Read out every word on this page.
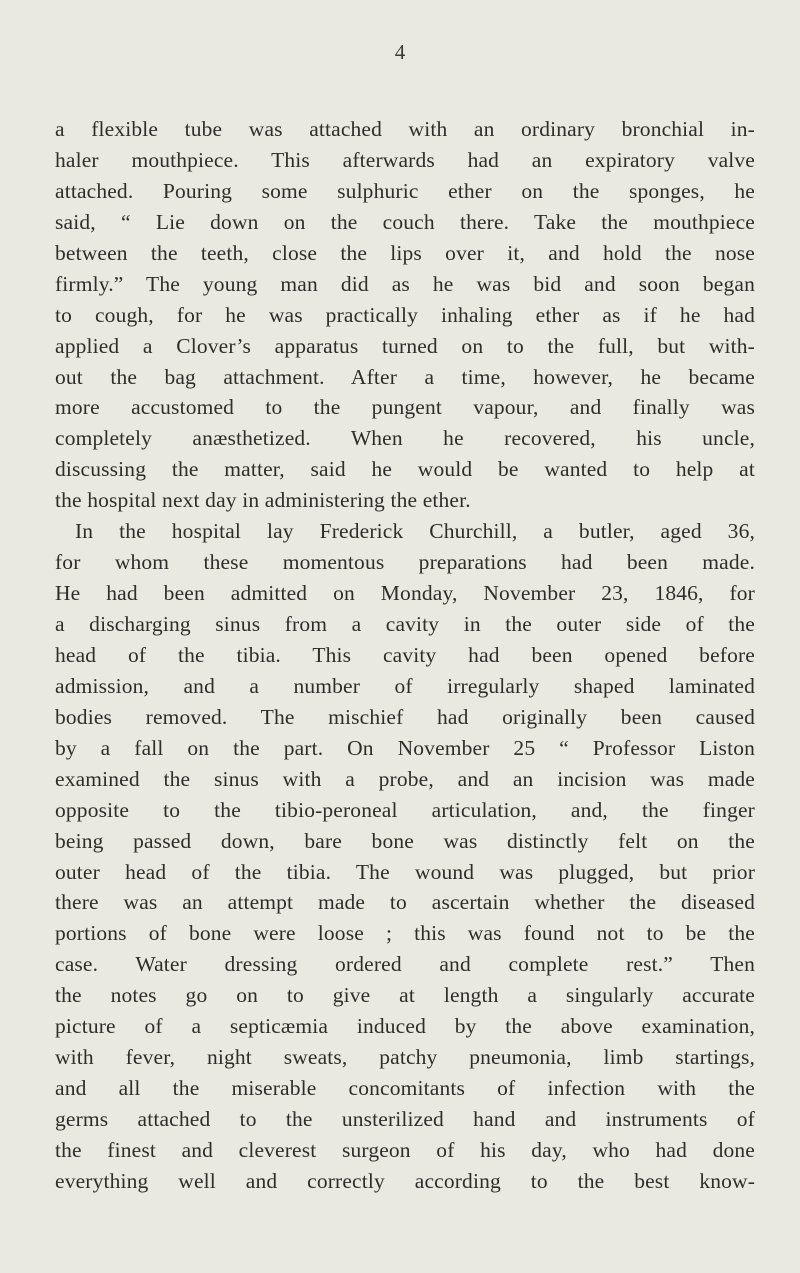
4
a flexible tube was attached with an ordinary bronchial in-
haler mouthpiece. This afterwards had an expiratory valve
attached. Pouring some sulphuric ether on the sponges, he
said, “ Lie down on the couch there. Take the mouthpiece
between the teeth, close the lips over it, and hold the nose
firmly.” The young man did as he was bid and soon began
to cough, for he was practically inhaling ether as if he had
applied a Clover’s apparatus turned on to the full, but with-
out the bag attachment. After a time, however, he became
more accustomed to the pungent vapour, and finally was
completely anæsthetized. When he recovered, his uncle,
discussing the matter, said he would be wanted to help at
the hospital next day in administering the ether.
In the hospital lay Frederick Churchill, a butler, aged 36,
for whom these momentous preparations had been made.
He had been admitted on Monday, November 23, 1846, for
a discharging sinus from a cavity in the outer side of the
head of the tibia. This cavity had been opened before
admission, and a number of irregularly shaped laminated
bodies removed. The mischief had originally been caused
by a fall on the part. On November 25 “ Professor Liston
examined the sinus with a probe, and an incision was made
opposite to the tibio-peroneal articulation, and, the finger
being passed down, bare bone was distinctly felt on the
outer head of the tibia. The wound was plugged, but prior
there was an attempt made to ascertain whether the diseased
portions of bone were loose ; this was found not to be the
case. Water dressing ordered and complete rest.” Then
the notes go on to give at length a singularly accurate
picture of a septicæmia induced by the above examination,
with fever, night sweats, patchy pneumonia, limb startings,
and all the miserable concomitants of infection with the
germs attached to the unsterilized hand and instruments of
the finest and cleverest surgeon of his day, who had done
everything well and correctly according to the best know-
